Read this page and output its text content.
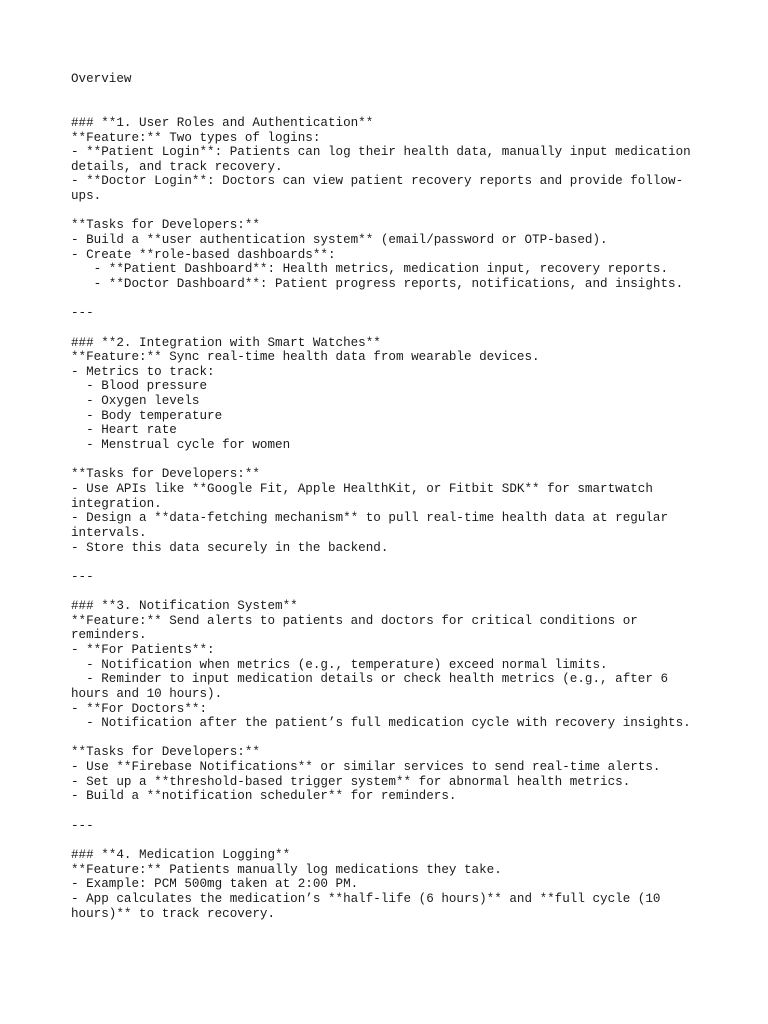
Overview
### **1. User Roles and Authentication**
**Feature:** Two types of logins:
- **Patient Login**: Patients can log their health data, manually input medication
details, and track recovery.
- **Doctor Login**: Doctors can view patient recovery reports and provide follow-
ups.
**Tasks for Developers:**
- Build a **user authentication system** (email/password or OTP-based).
- Create **role-based dashboards**:
- **Patient Dashboard**: Health metrics, medication input, recovery reports.
- **Doctor Dashboard**: Patient progress reports, notifications, and insights.
---
### **2. Integration with Smart Watches**
**Feature:** Sync real-time health data from wearable devices.
- Metrics to track:
- Blood pressure
- Oxygen levels
- Body temperature
- Heart rate
- Menstrual cycle for women
**Tasks for Developers:**
- Use APIs like **Google Fit, Apple HealthKit, or Fitbit SDK** for smartwatch
integration.
- Design a **data-fetching mechanism** to pull real-time health data at regular
intervals.
- Store this data securely in the backend.
---
### **3. Notification System**
**Feature:** Send alerts to patients and doctors for critical conditions or
reminders.
- **For Patients**:
- Notification when metrics (e.g., temperature) exceed normal limits.
- Reminder to input medication details or check health metrics (e.g., after 6
hours and 10 hours).
- **For Doctors**:
- Notification after the patient’s full medication cycle with recovery insights.
**Tasks for Developers:**
- Use **Firebase Notifications** or similar services to send real-time alerts.
- Set up a **threshold-based trigger system** for abnormal health metrics.
- Build a **notification scheduler** for reminders.
---
### **4. Medication Logging**
**Feature:** Patients manually log medications they take.
- Example: PCM 500mg taken at 2:00 PM.
- App calculates the medication’s **half-life (6 hours)** and **full cycle (10
hours)** to track recovery.
